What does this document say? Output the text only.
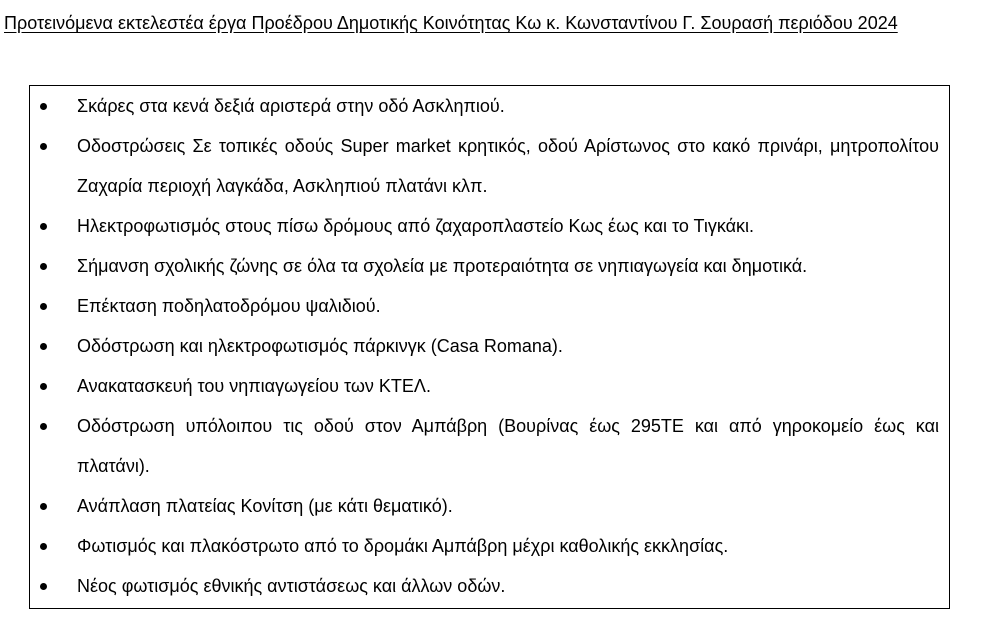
Προτεινόμενα εκτελεστέα έργα Προέδρου Δημοτικής Κοινότητας Κω κ. Κωνσταντίνου Γ. Σουρασή περιόδου 2024
Σκάρες στα κενά δεξιά αριστερά στην οδό Ασκληπιού.
Οδοστρώσεις Σε τοπικές οδούς Super market κρητικός, οδού Αρίστωνος στο κακό πρινάρι, μητροπολίτου Ζαχαρία περιοχή λαγκάδα, Ασκληπιού πλατάνι κλπ.
Ηλεκτροφωτισμός στους πίσω δρόμους από ζαχαροπλαστείο Κως έως και το Τιγκάκι.
Σήμανση σχολικής ζώνης σε όλα τα σχολεία με προτεραιότητα σε νηπιαγωγεία και δημοτικά.
Επέκταση ποδηλατοδρόμου ψαλιδιού.
Οδόστρωση και ηλεκτροφωτισμός πάρκινγκ (Casa Romana).
Ανακατασκευή του νηπιαγωγείου των ΚΤΕΛ.
Οδόστρωση υπόλοιπου τις οδού στον Αμπάβρη (Βουρίνας έως 295ΤΕ και από γηροκομείο έως και πλατάνι).
Ανάπλαση πλατείας Κονίτση (με κάτι θεματικό).
Φωτισμός και πλακόστρωτο από το δρομάκι Αμπάβρη μέχρι καθολικής εκκλησίας.
Νέος φωτισμός εθνικής αντιστάσεως και άλλων οδών.
